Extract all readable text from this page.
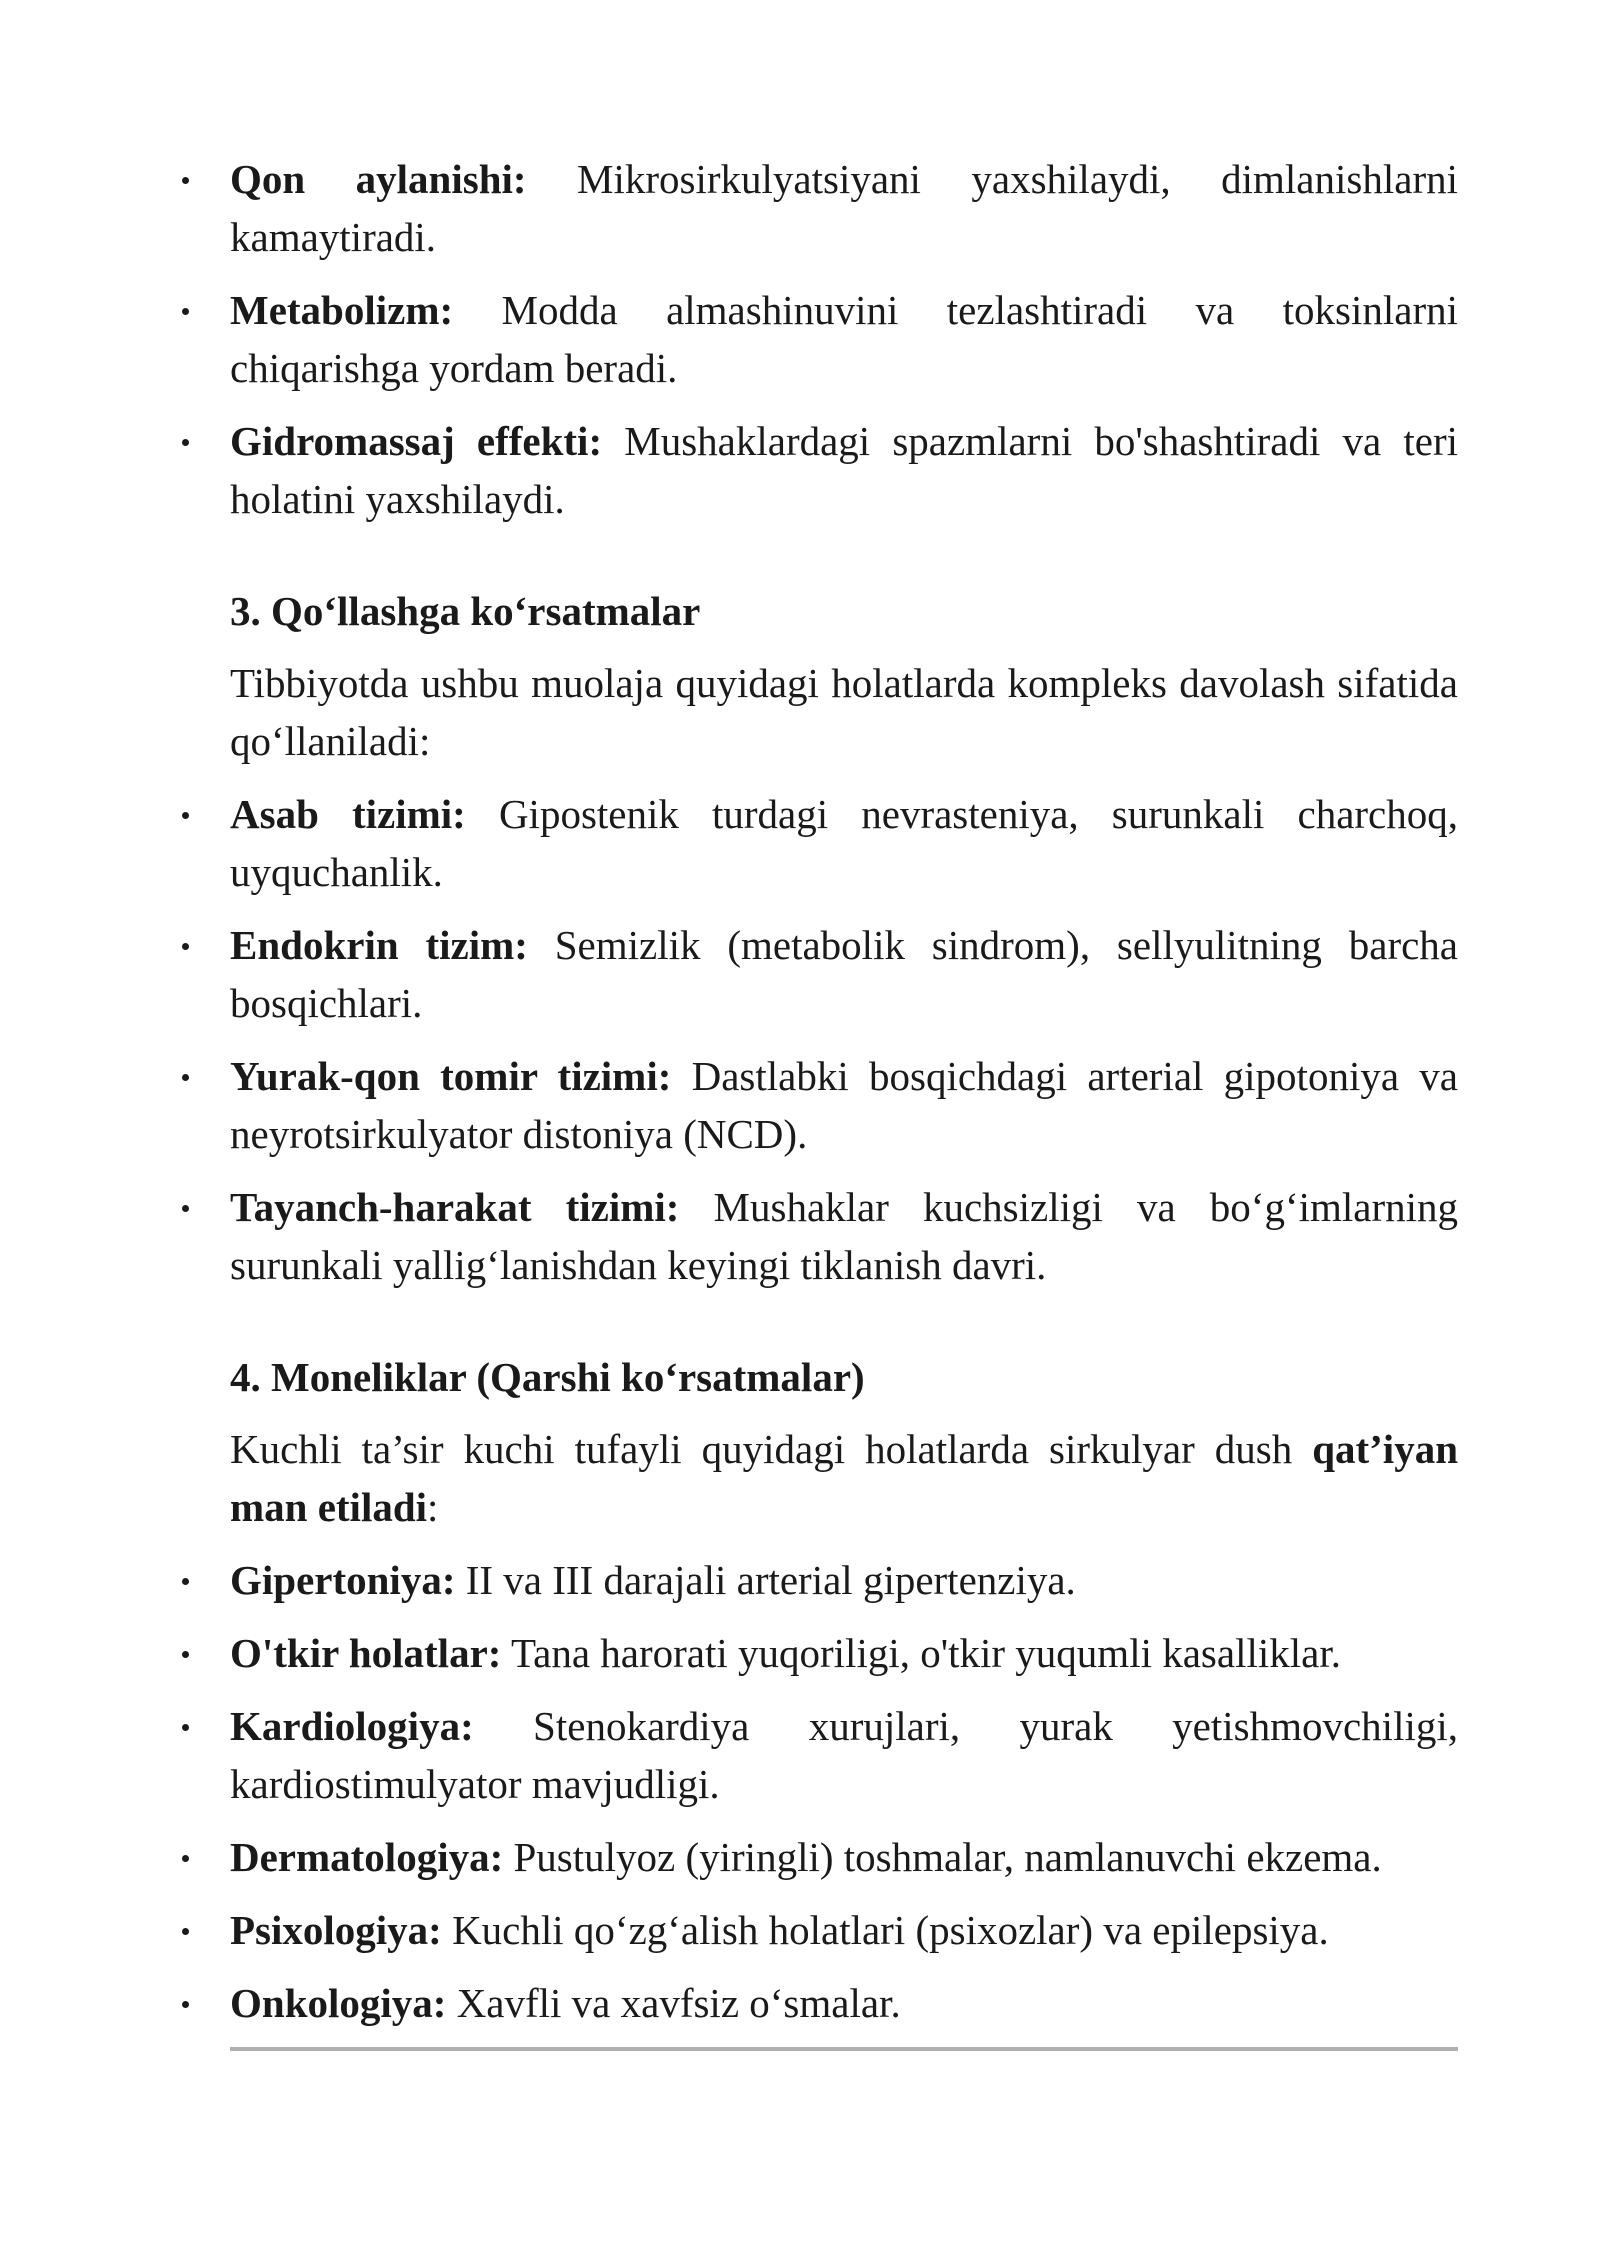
Qon aylanishi: Mikrosirkulyatsiyani yaxshilaydi, dimlanishlarni kamaytiradi.
Metabolizm: Modda almashinuvini tezlashtiradi va toksinlarni chiqarishga yordam beradi.
Gidromassaj effekti: Mushaklardagi spazmlarni bo'shashtiradi va teri holatini yaxshilaydi.
3. Qo‘llashga ko‘rsatmalar

Tibbiyotda ushbu muolaja quyidagi holatlarda kompleks davolash sifatida qo‘llaniladi:

Asab tizimi: Gipostenik turdagi nevrasteniya, surunkali charchoq, uyquchanlik.
Endokrin tizim: Semizlik (metabolik sindrom), sellyulitning barcha bosqichlari.
Yurak-qon tomir tizimi: Dastlabki bosqichdagi arterial gipotoniya va neyrotsirkulyator distoniya (NCD).
Tayanch-harakat tizimi: Mushaklar kuchsizligi va bo‘g‘imlarning surunkali yallig‘lanishdan keyingi tiklanish davri.
4. Moneliklar (Qarshi ko‘rsatmalar)

Kuchli ta’sir kuchi tufayli quyidagi holatlarda sirkulyar dush qat’iyan man etiladi:

Gipertoniya: II va III darajali arterial gipertenziya.
O'tkir holatlar: Tana harorati yuqoriligi, o'tkir yuqumli kasalliklar.
Kardiologiya: Stenokardiya xurujlari, yurak yetishmovchiligi, kardiostimulyator mavjudligi.
Dermatologiya: Pustulyoz (yiringli) toshmalar, namlanuvchi ekzema.
Psixologiya: Kuchli qo‘zg‘alish holatlari (psixozlar) va epilepsiya.
Onkologiya: Xavfli va xavfsiz o‘smalar.
